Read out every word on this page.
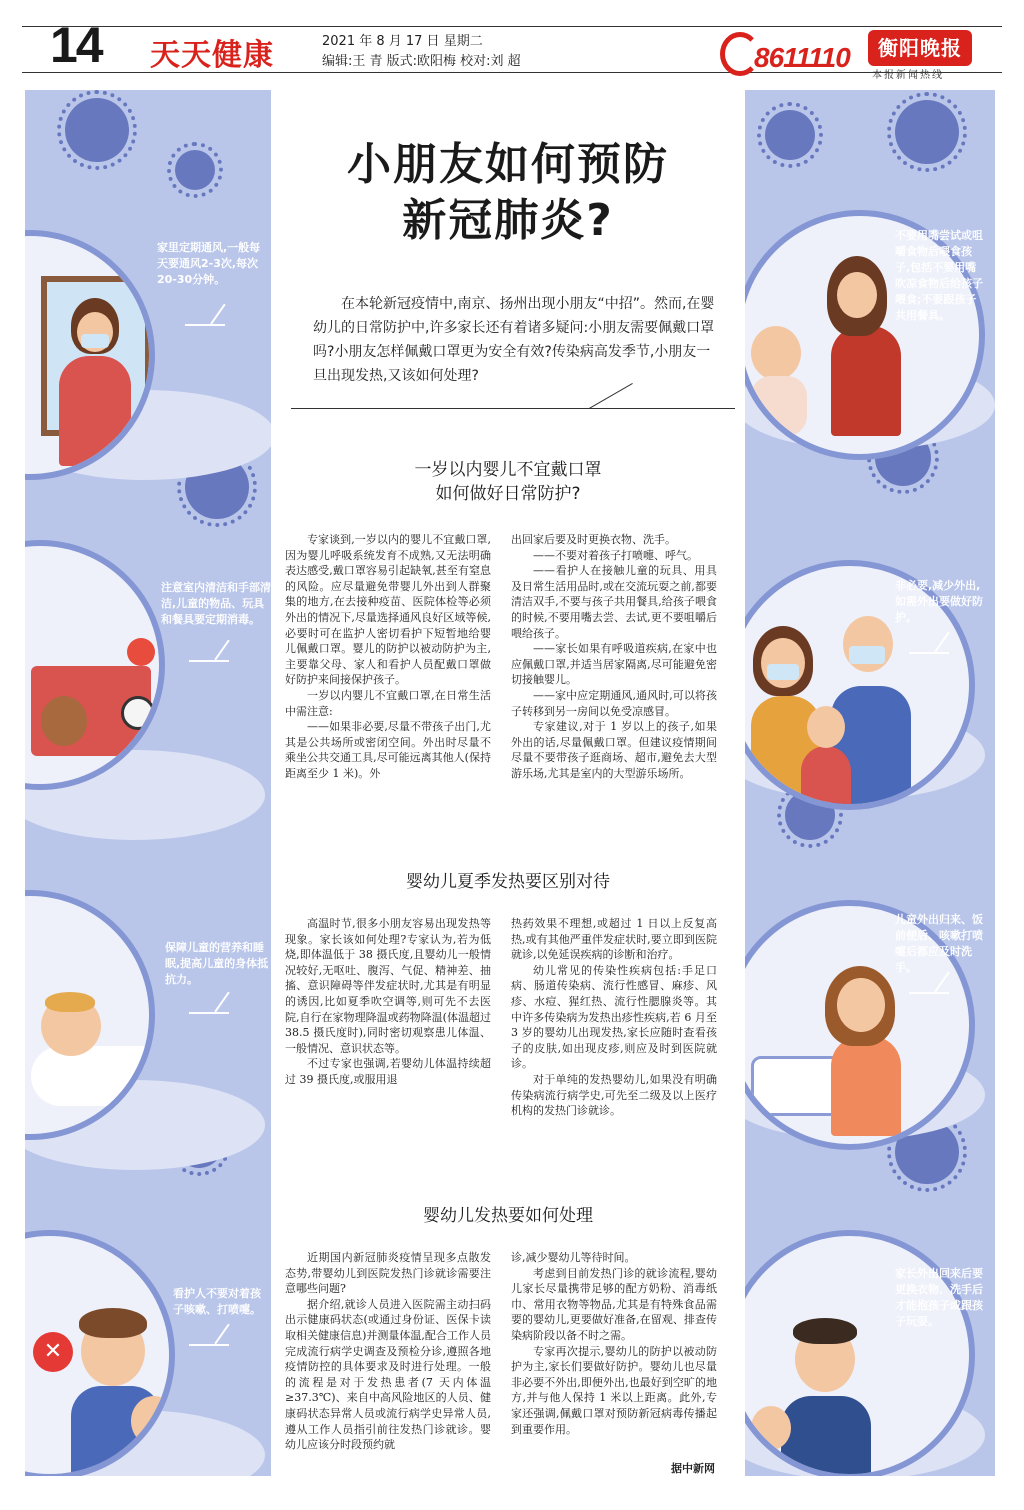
14 天天健康	2021 年 8 月 17 日 星期二
编辑:王 青 版式:欧阳梅 校对:刘 超	8611110	衡阳晚报
本报新闻热线
家里定期通风,一般每天要通风2-3次,每次20-30分钟。
注意室内清洁和手部清洁,儿童的物品、玩具和餐具要定期消毒。
保障儿童的营养和睡眠,提高儿童的身体抵抗力。
✕
看护人不要对着孩子咳嗽、打喷嚏。
不要用嘴尝试或咀嚼食物后喂食孩子,包括不要用嘴吹凉食物后给孩子喂食;不要跟孩子共用餐具。
非必要,减少外出,如需外出要做好防护。
儿童外出归来、饭前便后、咳嗽打喷嚏后都应及时洗手。
家长外出回来后要更换衣物、洗手后才能抱孩子或跟孩子玩耍。
小朋友如何预防
新冠肺炎?
在本轮新冠疫情中,南京、扬州出现小朋友“中招”。然而,在婴幼儿的日常防护中,许多家长还有着诸多疑问:小朋友需要佩戴口罩吗?小朋友怎样佩戴口罩更为安全有效?传染病高发季节,小朋友一旦出现发热,又该如何处理?
一岁以内婴儿不宜戴口罩
如何做好日常防护?

专家谈到,一岁以内的婴儿不宜戴口罩,因为婴儿呼吸系统发育不成熟,又无法明确表达感受,戴口罩容易引起缺氧,甚至有窒息的风险。应尽量避免带婴儿外出到人群聚集的地方,在去接种疫苗、医院体检等必须外出的情况下,尽量选择通风良好区域等候,必要时可在监护人密切看护下短暂地给婴儿佩戴口罩。婴儿的防护以被动防护为主,主要靠父母、家人和看护人员配戴口罩做好防护来间接保护孩子。

一岁以内婴儿不宜戴口罩,在日常生活中需注意:

——如果非必要,尽量不带孩子出门,尤其是公共场所或密闭空间。外出时尽量不乘坐公共交通工具,尽可能远离其他人(保持距离至少 1 米)。外

出回家后要及时更换衣物、洗手。

——不要对着孩子打喷嚏、呼气。

——看护人在接触儿童的玩具、用具及日常生活用品时,或在交流玩耍之前,都要清洁双手,不要与孩子共用餐具,给孩子喂食的时候,不要用嘴去尝、去试,更不要咀嚼后喂给孩子。

——家长如果有呼吸道疾病,在家中也应佩戴口罩,并适当居家隔离,尽可能避免密切接触婴儿。

——家中应定期通风,通风时,可以将孩子转移到另一房间以免受凉感冒。

专家建议,对于 1 岁以上的孩子,如果外出的话,尽量佩戴口罩。但建议疫情期间尽量不要带孩子逛商场、超市,避免去大型游乐场,尤其是室内的大型游乐场所。

婴幼儿夏季发热要区别对待

高温时节,很多小朋友容易出现发热等现象。家长该如何处理?专家认为,若为低烧,即体温低于 38 摄氏度,且婴幼儿一般情况较好,无呕吐、腹泻、气促、精神差、抽搐、意识障碍等伴发症状时,尤其是有明显的诱因,比如夏季吹空调等,则可先不去医院,自行在家物理降温或药物降温(体温超过 38.5 摄氏度时),同时密切观察患儿体温、一般情况、意识状态等。

不过专家也强调,若婴幼儿体温持续超过 39 摄氏度,或服用退

热药效果不理想,或超过 1 日以上反复高热,或有其他严重伴发症状时,要立即到医院就诊,以免延误疾病的诊断和治疗。

幼儿常见的传染性疾病包括:手足口病、肠道传染病、流行性感冒、麻疹、风疹、水痘、猩红热、流行性腮腺炎等。其中许多传染病为发热出疹性疾病,若 6 月至 3 岁的婴幼儿出现发热,家长应随时查看孩子的皮肤,如出现皮疹,则应及时到医院就诊。

对于单纯的发热婴幼儿,如果没有明确传染病流行病学史,可先至二级及以上医疗机构的发热门诊就诊。

婴幼儿发热要如何处理

近期国内新冠肺炎疫情呈现多点散发态势,带婴幼儿到医院发热门诊就诊需要注意哪些问题?

据介绍,就诊人员进入医院需主动扫码出示健康码状态(或通过身份证、医保卡读取相关健康信息)并测量体温,配合工作人员完成流行病学史调查及预检分诊,遵照各地疫情防控的具体要求及时进行处理。一般的流程是对于发热患者(7 天内体温≥37.3℃)、来自中高风险地区的人员、健康码状态异常人员或流行病学史异常人员,遵从工作人员指引前往发热门诊就诊。婴幼儿应该分时段预约就

诊,减少婴幼儿等待时间。

考虑到目前发热门诊的就诊流程,婴幼儿家长尽量携带足够的配方奶粉、消毒纸巾、常用衣物等物品,尤其是有特殊食品需要的婴幼儿,更要做好准备,在留观、排查传染病阶段以备不时之需。

专家再次提示,婴幼儿的防护以被动防护为主,家长们要做好防护。婴幼儿也尽量非必要不外出,即便外出,也最好到空旷的地方,并与他人保持 1 米以上距离。此外,专家还强调,佩戴口罩对预防新冠病毒传播起到重要作用。

据中新网
